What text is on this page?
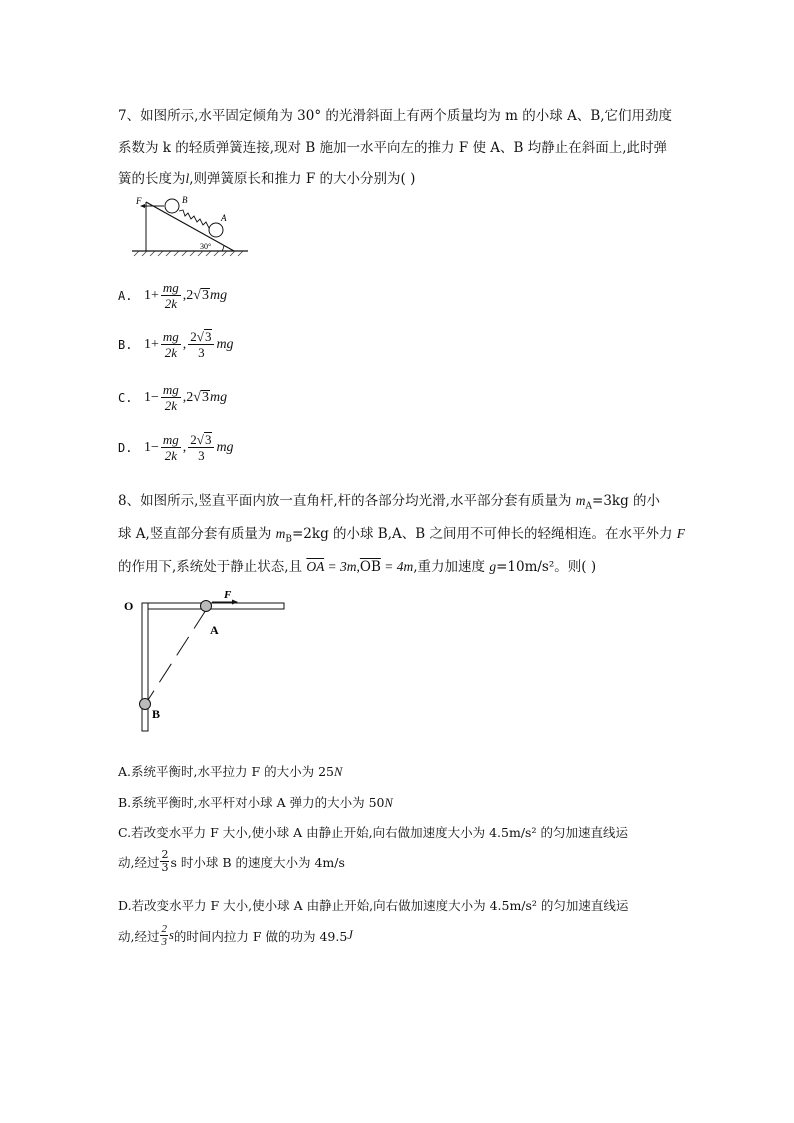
7、如图所示,水平固定倾角为 30° 的光滑斜面上有两个质量均为 m 的小球 A、B,它们用劲度
系数为 k 的轻质弹簧连接,现对 B 施加一水平向左的推力 F 使 A、B 均静止在斜面上,此时弹
簧的长度为l,则弹簧原长和推力 F 的大小分别为( )
F	B
A
30°
A. $1+ \frac{mg}{2k}$ , 2 √ 3 mg
B. $1+ \frac{mg}{2k}$ , $\frac{2 √ 3}{3}$ mg
C. $1- \frac{mg}{2k}$ , 2 √ 3 mg
D. $1- \frac{mg}{2k}$ , $\frac{2 √ 3}{3}$ mg
8、如图所示,竖直平面内放一直角杆,杆的各部分均光滑,水平部分套有质量为 $m_A=3kg$ 的小
球 A,竖直部分套有质量为 $m_B=2kg$ 的小球 B,A、B 之间用不可伸长的轻绳相连。在水平外力 F
的作用下,系统处于静止状态,且 $\overline{OA} = 3m,\overline{OB} = 4m$,重力加速度 g=10m/s²。则( )
O
A
B
F
A.系统平衡时,水平拉力 F 的大小为 25N
B.系统平衡时,水平杆对小球 A 弹力的大小为 50N
C.若改变水平力 F 大小,使小球 A 由静止开始,向右做加速度大小为 4.5m/s² 的匀加速直线运
动,经过 $\frac{2}{3}$ s 时小球 B 的速度大小为 4m/s
D.若改变水平力 F 大小,使小球 A 由静止开始,向右做加速度大小为 4.5m/s² 的匀加速直线运
动,经过 $\frac{2}{3}$ s 的时间内拉力 F 做的功为 49.5 J
